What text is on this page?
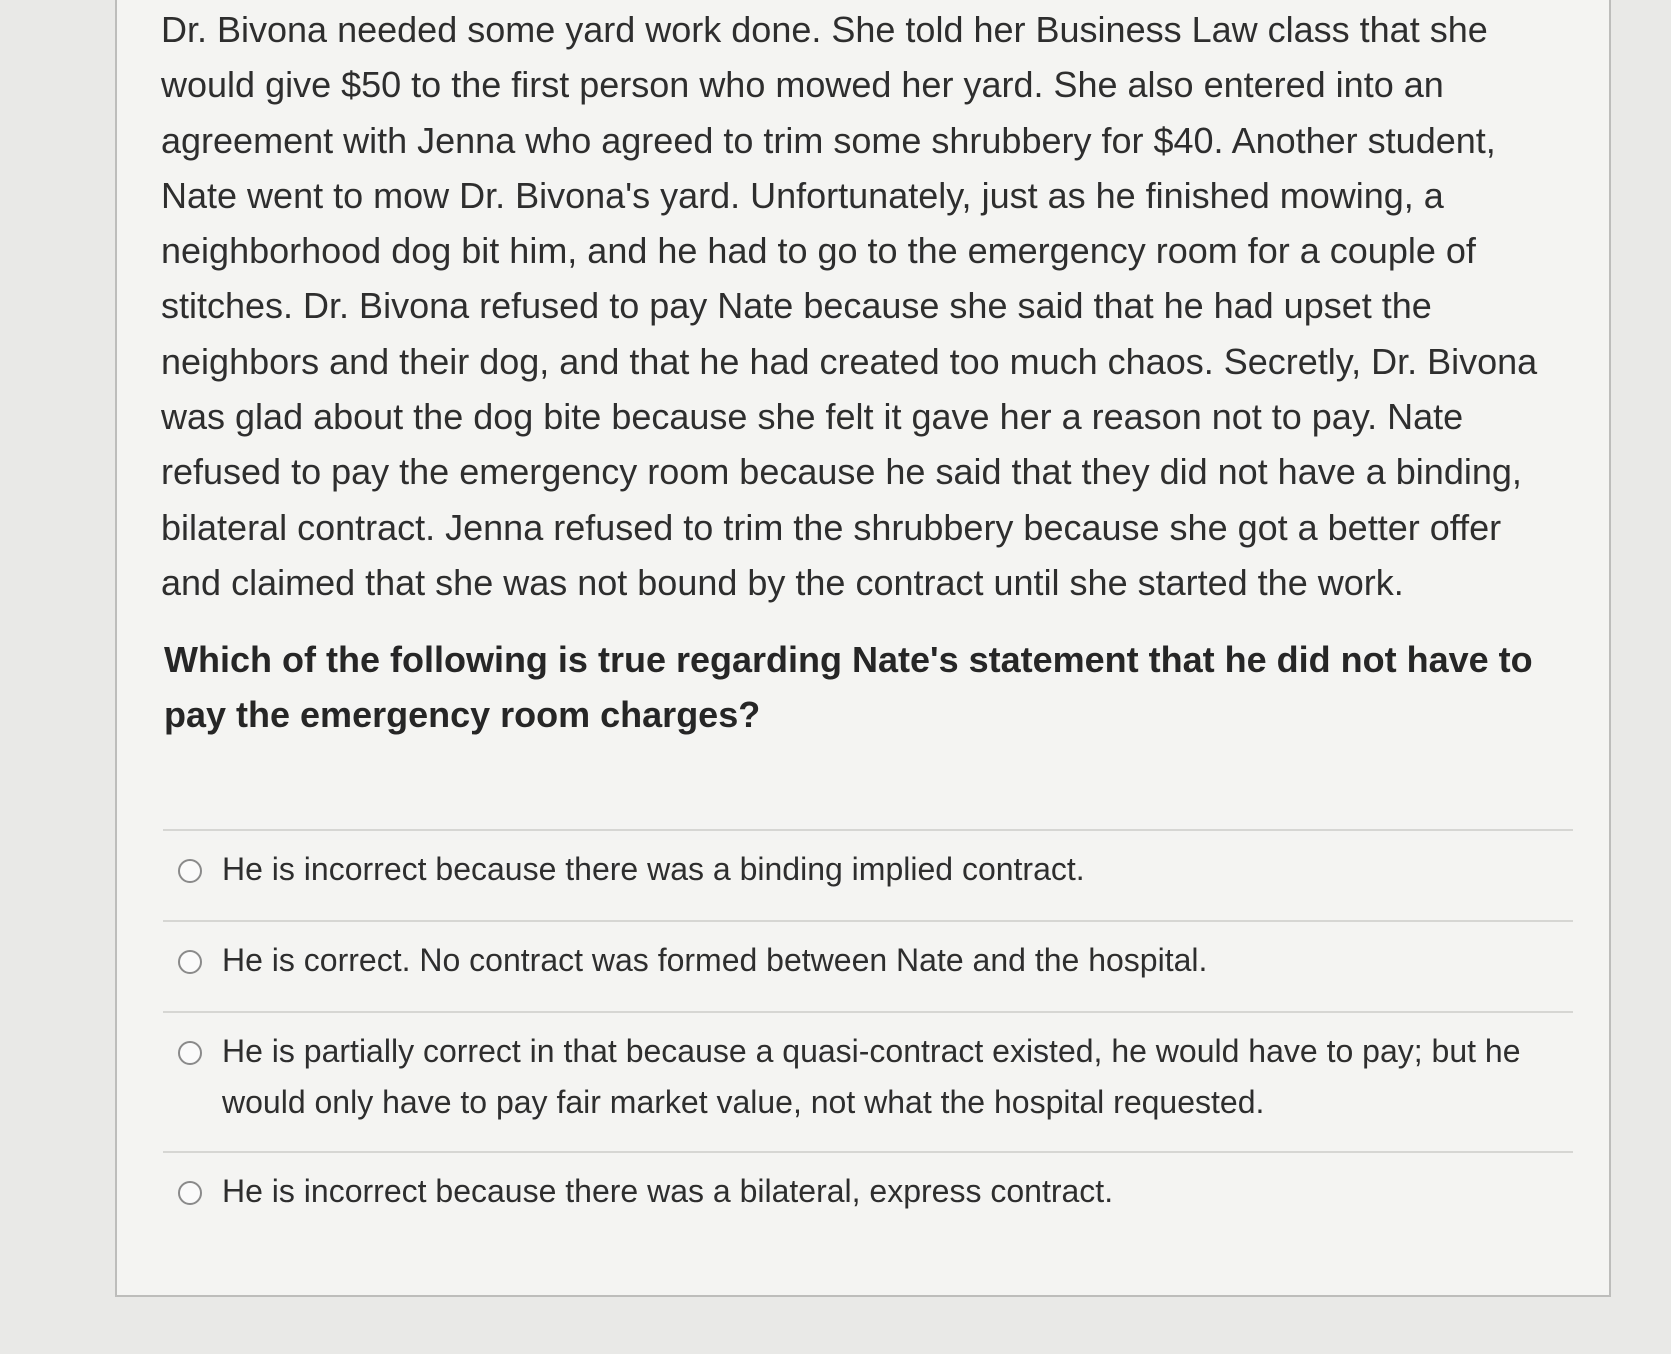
Dr. Bivona needed some yard work done. She told her Business Law class that she would give $50 to the first person who mowed her yard. She also entered into an agreement with Jenna who agreed to trim some shrubbery for $40. Another student, Nate went to mow Dr. Bivona's yard. Unfortunately, just as he finished mowing, a neighborhood dog bit him, and he had to go to the emergency room for a couple of stitches. Dr. Bivona refused to pay Nate because she said that he had upset the neighbors and their dog, and that he had created too much chaos. Secretly, Dr. Bivona was glad about the dog bite because she felt it gave her a reason not to pay. Nate refused to pay the emergency room because he said that they did not have a binding, bilateral contract. Jenna refused to trim the shrubbery because she got a better offer and claimed that she was not bound by the contract until she started the work.

Which of the following is true regarding Nate's statement that he did not have to pay the emergency room charges?

He is incorrect because there was a binding implied contract.
He is correct. No contract was formed between Nate and the hospital.
He is partially correct in that because a quasi-contract existed, he would have to pay; but he would only have to pay fair market value, not what the hospital requested.
He is incorrect because there was a bilateral, express contract.
